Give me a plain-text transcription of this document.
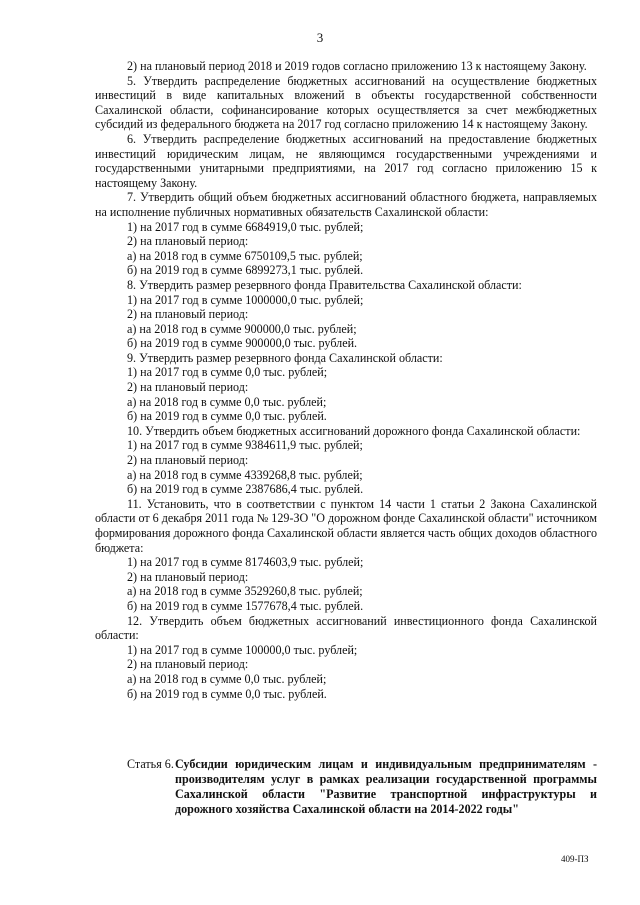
3

2) на плановый период 2018 и 2019 годов согласно приложению 13 к настоящему Закону.

5. Утвердить распределение бюджетных ассигнований на осуществление бюджетных инвестиций в виде капитальных вложений в объекты государственной собственности Сахалинской области, софинансирование которых осуществляется за счет межбюджетных субсидий из федерального бюджета на 2017 год согласно приложению 14 к настоящему Закону.

6. Утвердить распределение бюджетных ассигнований на предоставление бюджетных инвестиций юридическим лицам, не являющимся государственными учреждениями и государственными унитарными предприятиями, на 2017 год согласно приложению 15 к настоящему Закону.

7. Утвердить общий объем бюджетных ассигнований областного бюджета, направляемых на исполнение публичных нормативных обязательств Сахалинской области:

1) на 2017 год в сумме 6684919,0 тыс. рублей;

2) на плановый период:

а) на 2018 год в сумме 6750109,5 тыс. рублей;

б) на 2019 год в сумме 6899273,1 тыс. рублей.

8. Утвердить размер резервного фонда Правительства Сахалинской области:

1) на 2017 год в сумме 1000000,0 тыс. рублей;

2) на плановый период:

а) на 2018 год в сумме 900000,0 тыс. рублей;

б) на 2019 год в сумме 900000,0 тыс. рублей.

9. Утвердить размер резервного фонда Сахалинской области:

1) на 2017 год в сумме 0,0 тыс. рублей;

2) на плановый период:

а) на 2018 год в сумме 0,0 тыс. рублей;

б) на 2019 год в сумме 0,0 тыс. рублей.

10. Утвердить объем бюджетных ассигнований дорожного фонда Сахалинской области:

1) на 2017 год в сумме 9384611,9 тыс. рублей;

2) на плановый период:

а) на 2018 год в сумме 4339268,8 тыс. рублей;

б) на 2019 год в сумме 2387686,4 тыс. рублей.

11. Установить, что в соответствии с пунктом 14 части 1 статьи 2 Закона Сахалинской области от 6 декабря 2011 года № 129-ЗО "О дорожном фонде Сахалинской области" источником формирования дорожного фонда Сахалинской области является часть общих доходов областного бюджета:

1) на 2017 год в сумме 8174603,9 тыс. рублей;

2) на плановый период:

а) на 2018 год в сумме 3529260,8 тыс. рублей;

б) на 2019 год в сумме 1577678,4 тыс. рублей.

12. Утвердить объем бюджетных ассигнований инвестиционного фонда Сахалинской области:

1) на 2017 год в сумме 100000,0 тыс. рублей;

2) на плановый период:

а) на 2018 год в сумме 0,0 тыс. рублей;

б) на 2019 год в сумме 0,0 тыс. рублей.

Статья 6. Субсидии юридическим лицам и индивидуальным предпринимателям - производителям услуг в рамках реализации государственной программы Сахалинской области "Развитие транспортной инфраструктуры и дорожного хозяйства Сахалинской области на 2014-2022 годы"
409-ПЗ
